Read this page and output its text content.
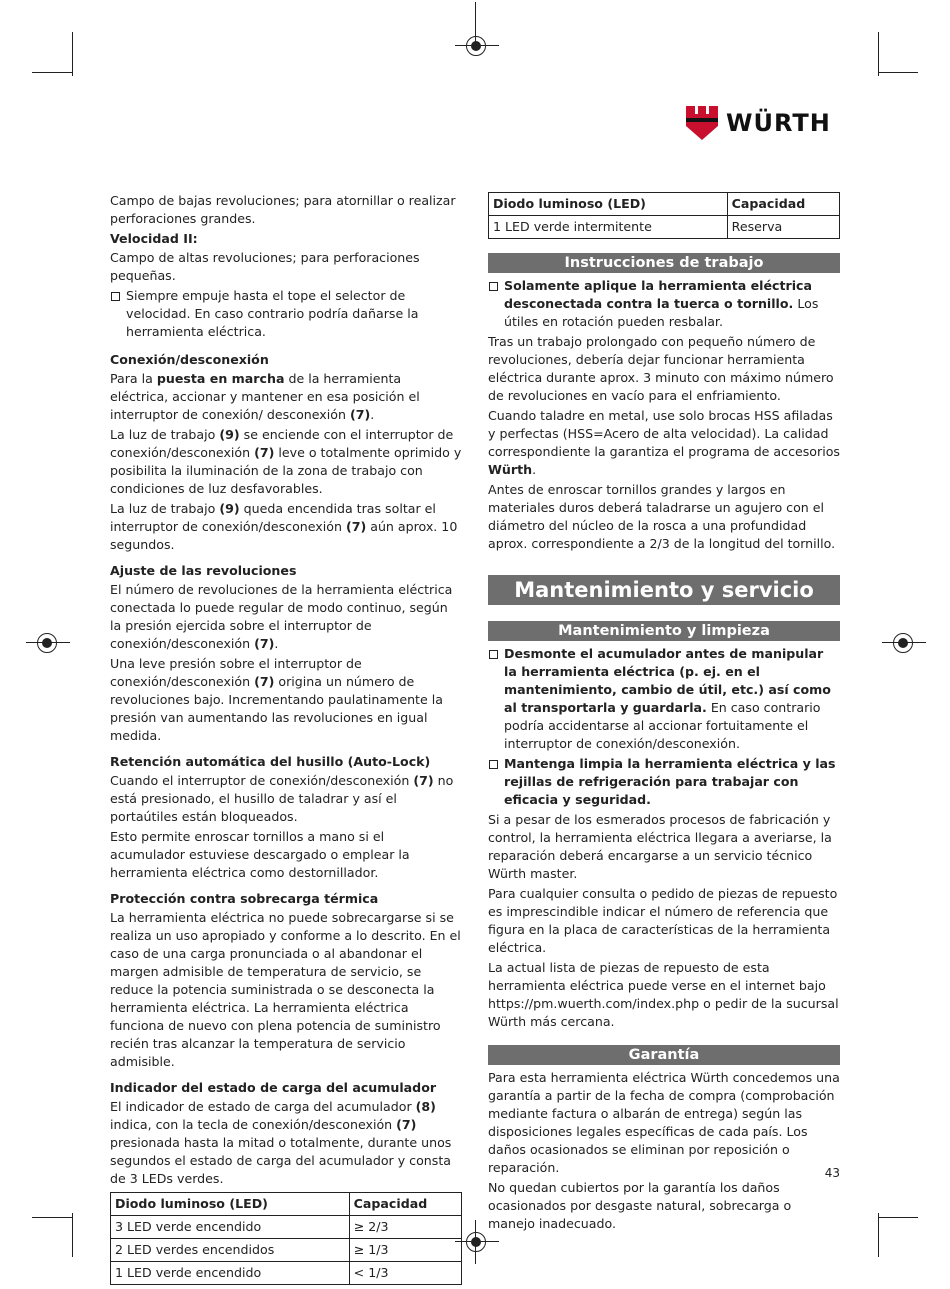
WÜRTH

Campo de bajas revoluciones; para atornillar o realizar perforaciones grandes.

Velocidad II:

Campo de altas revoluciones; para perforaciones pequeñas.

Siempre empuje hasta el tope el selector de velocidad. En caso contrario podría dañarse la herramienta eléctrica.

Conexión/desconexión

Para la puesta en marcha de la herramienta eléctrica, accionar y mantener en esa posición el interruptor de conexión/ desconexión (7).

La luz de trabajo (9) se enciende con el interruptor de conexión/desconexión (7) leve o totalmente oprimido y posibilita la iluminación de la zona de trabajo con condiciones de luz desfavorables.

La luz de trabajo (9) queda encendida tras soltar el interruptor de conexión/desconexión (7) aún aprox. 10 segundos.

Ajuste de las revoluciones

El número de revoluciones de la herramienta eléctrica conectada lo puede regular de modo continuo, según la presión ejercida sobre el interruptor de conexión/desconexión (7).

Una leve presión sobre el interruptor de conexión/desconexión (7) origina un número de revoluciones bajo. Incrementando paulatinamente la presión van aumentando las revoluciones en igual medida.

Retención automática del husillo (Auto-Lock)

Cuando el interruptor de conexión/desconexión (7) no está presionado, el husillo de taladrar y así el portaútiles están bloqueados.

Esto permite enroscar tornillos a mano si el acumulador estuviese descargado o emplear la herramienta eléctrica como destornillador.

Protección contra sobrecarga térmica

La herramienta eléctrica no puede sobrecargarse si se realiza un uso apropiado y conforme a lo descrito. En el caso de una carga pronunciada o al abandonar el margen admisible de temperatura de servicio, se reduce la potencia suministrada o se desconecta la herramienta eléctrica. La herramienta eléctrica funciona de nuevo con plena potencia de suministro recién tras alcanzar la temperatura de servicio admisible.

Indicador del estado de carga del acumulador

El indicador de estado de carga del acumulador (8) indica, con la tecla de conexión/desconexión (7) presionada hasta la mitad o totalmente, durante unos segundos el estado de carga del acumulador y consta de 3 LEDs verdes.

Diodo luminoso (LED)	Capacidad
3 LED verde encendido	≥ 2/3
2 LED verdes encendidos	≥ 1/3
1 LED verde encendido	< 1/3
Diodo luminoso (LED)	Capacidad
1 LED verde intermitente	Reserva
Instrucciones de trabajo
Solamente aplique la herramienta eléctrica desconectada contra la tuerca o tornillo. Los útiles en rotación pueden resbalar.

Tras un trabajo prolongado con pequeño número de revoluciones, debería dejar funcionar herramienta eléctrica durante aprox. 3 minuto con máximo número de revoluciones en vacío para el enfriamiento.

Cuando taladre en metal, use solo brocas HSS afiladas y perfectas (HSS=Acero de alta velocidad). La calidad correspondiente la garantiza el programa de accesorios Würth.

Antes de enroscar tornillos grandes y largos en materiales duros deberá taladrarse un agujero con el diámetro del núcleo de la rosca a una profundidad aprox. correspondiente a 2/3 de la longitud del tornillo.

Mantenimiento y servicio
Mantenimiento y limpieza
Desmonte el acumulador antes de manipular la herramienta eléctrica (p. ej. en el mantenimiento, cambio de útil, etc.) así como al transportarla y guardarla. En caso contrario podría accidentarse al accionar fortuitamente el interruptor de conexión/desconexión.
Mantenga limpia la herramienta eléctrica y las rejillas de refrigeración para trabajar con eficacia y seguridad.

Si a pesar de los esmerados procesos de fabricación y control, la herramienta eléctrica llegara a averiarse, la reparación deberá encargarse a un servicio técnico Würth master.

Para cualquier consulta o pedido de piezas de repuesto es imprescindible indicar el número de referencia que figura en la placa de características de la herramienta eléctrica.

La actual lista de piezas de repuesto de esta herramienta eléctrica puede verse en el internet bajo https://pm.wuerth.com/index.php o pedir de la sucursal Würth más cercana.

Garantía

Para esta herramienta eléctrica Würth concedemos una garantía a partir de la fecha de compra (comprobación mediante factura o albarán de entrega) según las disposiciones legales específicas de cada país. Los daños ocasionados se eliminan por reposición o reparación.

No quedan cubiertos por la garantía los daños ocasionados por desgaste natural, sobrecarga o manejo inadecuado.

43
